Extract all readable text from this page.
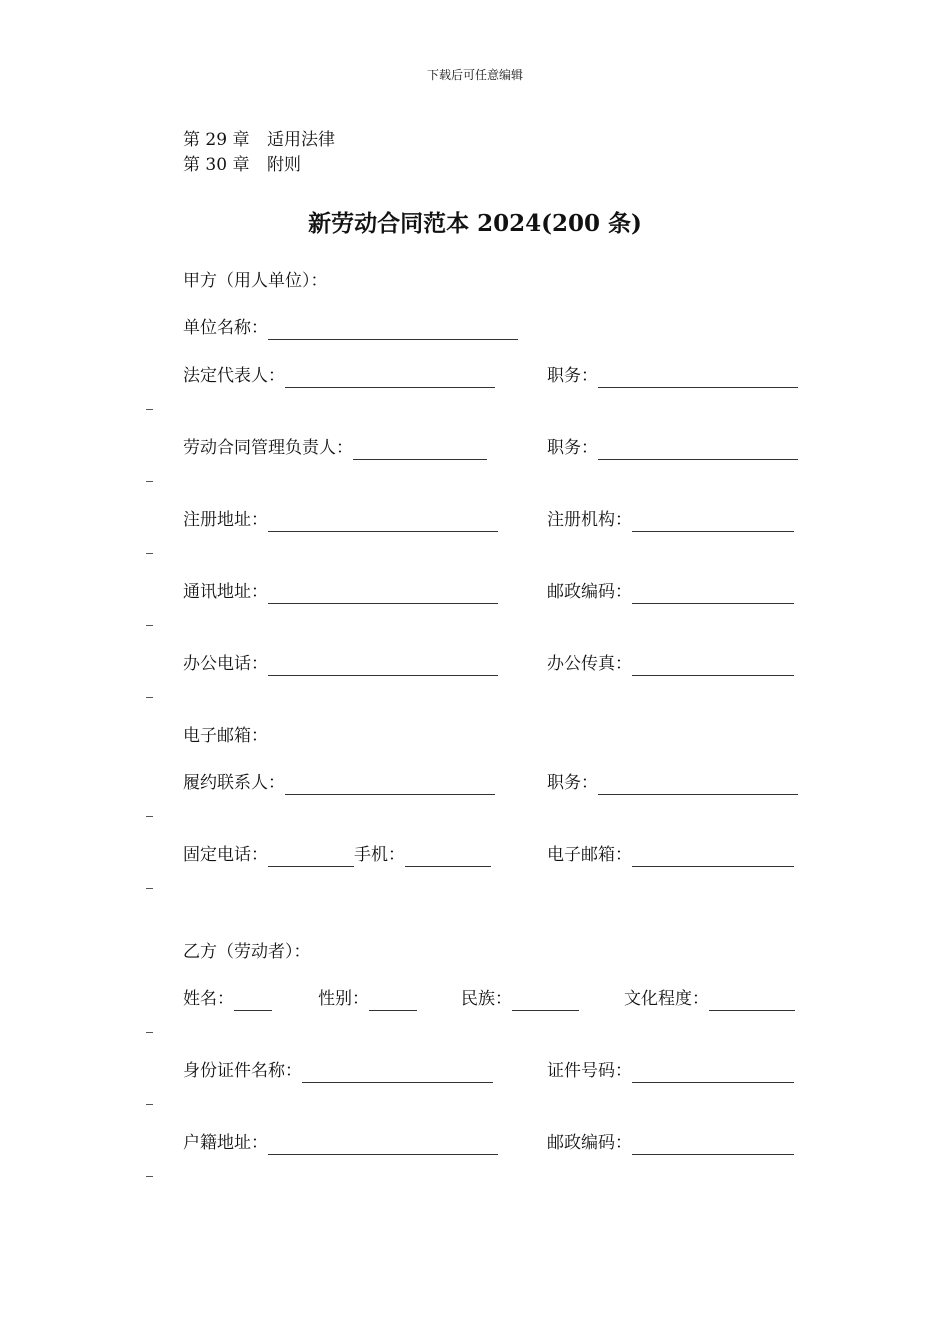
下载后可任意编辑
第 29 章 适用法律
第 30 章 附则
新劳动合同范本 2024(200 条)
甲方（用人单位）：
单位名称：
法定代表人：	职务：
劳动合同管理负责人：	职务：
注册地址：	注册机构：
通讯地址：	邮政编码：
办公电话：	办公传真：
电子邮箱：
履约联系人：	职务：
固定电话：	手机：	电子邮箱：
乙方（劳动者）：
姓名：	性别：	民族：	文化程度：
身份证件名称：	证件号码：
户籍地址：	邮政编码：
